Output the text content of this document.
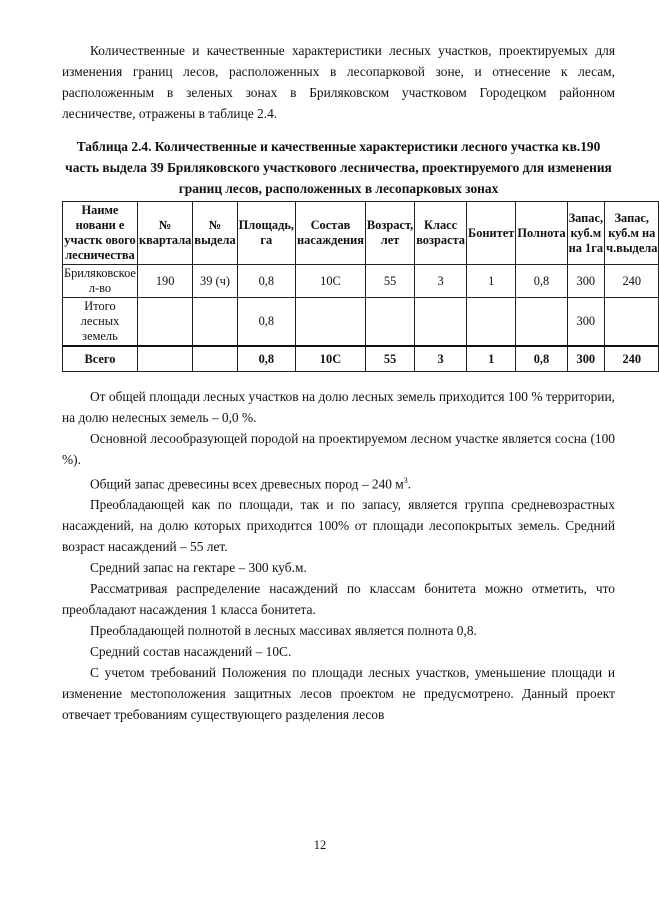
Количественные и качественные характеристики лесных участков, проектируемых для изменения границ лесов, расположенных в лесопарковой зоне, и отнесение к лесам, расположенным в зеленых зонах в Бриляковском участковом Городецком районном лесничестве, отражены в таблице 2.4.

Таблица 2.4. Количественные и качественные характеристики лесного участка кв.190 часть выдела 39 Бриляковского участкового лесничества, проектируемого для изменения границ лесов, расположенных в лесопарковых зонах

Наиме новани е участк ового лесничества	№ квартала	№ выдела	Площадь, га	Состав насаждения	Возраст, лет	Класс возраста	Бонитет	Полнота	Запас, куб.м на 1га	Запас, куб.м на ч.выдела
Бриляковское л-во	190	39 (ч)	0,8	10С	55	3	1	0,8	300	240
Итого лесных земель			0,8						300	
Всего			0,8	10С	55	3	1	0,8	300	240

От общей площади лесных участков на долю лесных земель приходится 100 % территории, на долю нелесных земель – 0,0 %.

Основной лесообразующей породой на проектируемом лесном участке является сосна (100 %).

Общий запас древесины всех древесных пород – 240 $м^3$.

Преобладающей как по площади, так и по запасу, является группа средневозрастных насаждений, на долю которых приходится 100% от площади лесопокрытых земель. Средний возраст насаждений – 55 лет.

Средний запас на гектаре – 300 куб.м.

Рассматривая распределение насаждений по классам бонитета можно отметить, что преобладают насаждения 1 класса бонитета.

Преобладающей полнотой в лесных массивах является полнота 0,8.

Средний состав насаждений – 10С.

С учетом требований Положения по площади лесных участков, уменьшение площади и изменение местоположения защитных лесов проектом не предусмотрено. Данный проект отвечает требованиям существующего разделения лесов

12
